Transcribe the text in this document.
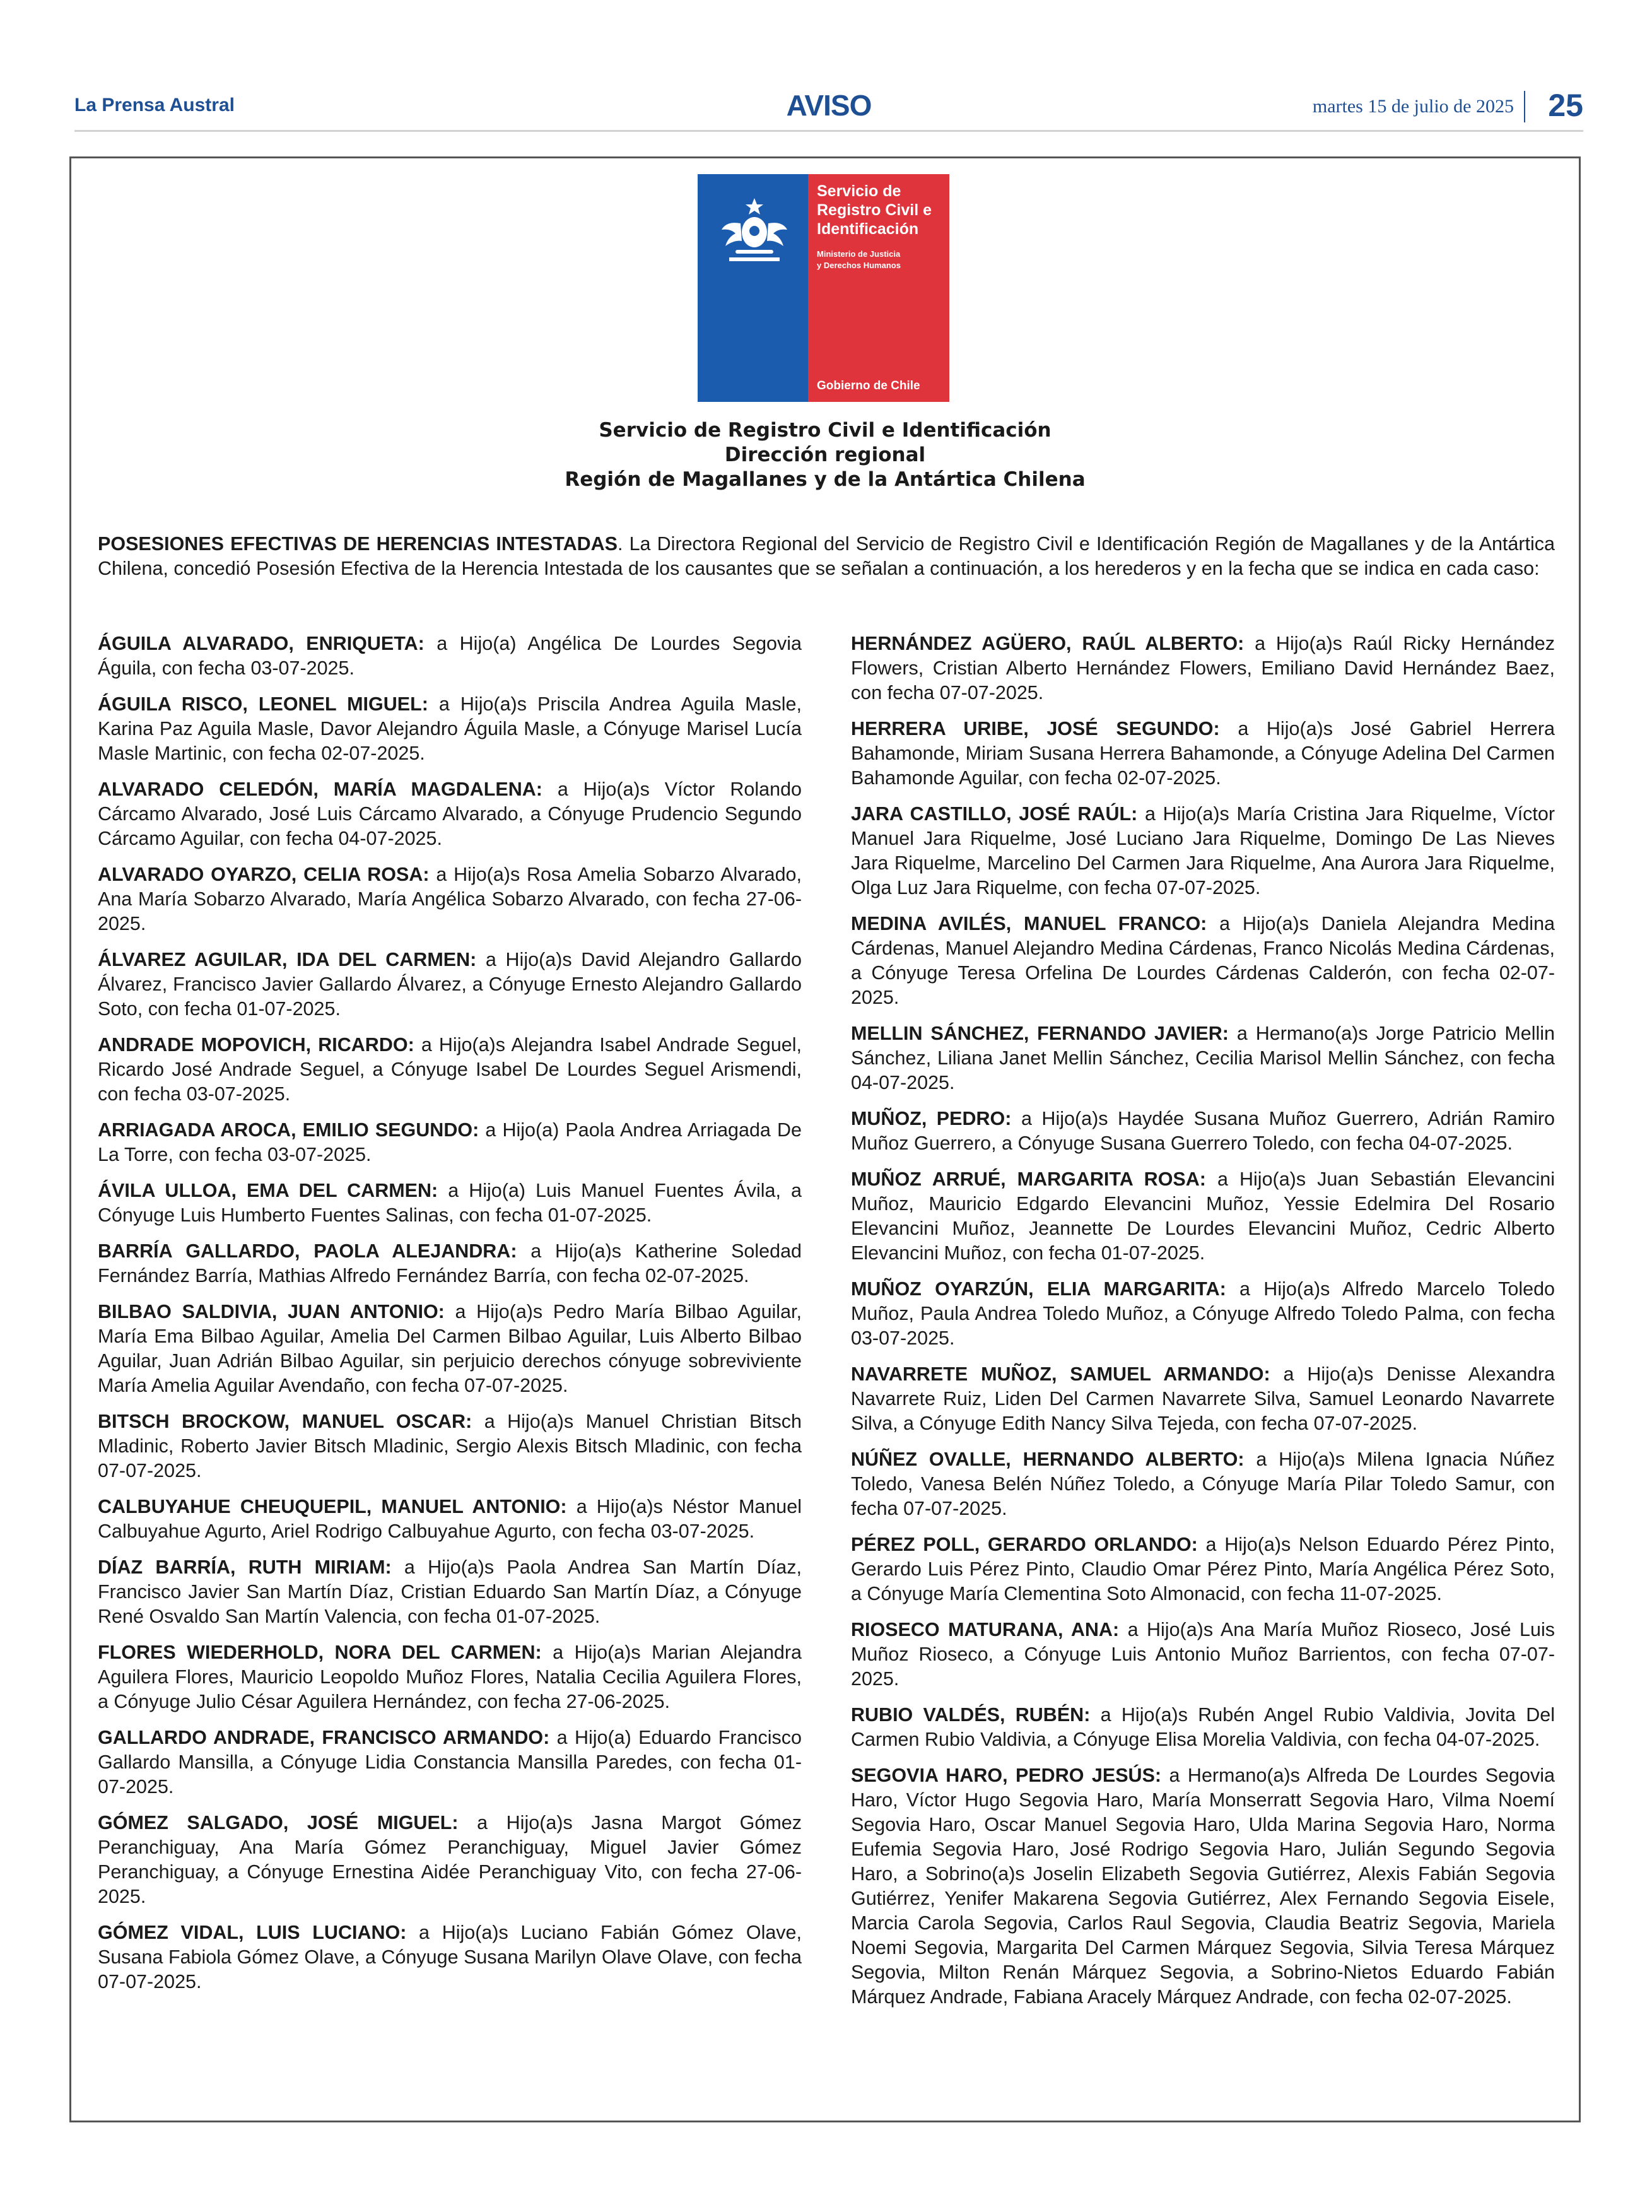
La Prensa Austral	AVISO	martes 15 de julio de 2025 25
Servicio de
Registro Civil e
Identificación
Ministerio de Justicia
y Derechos Humanos
Gobierno de Chile
Servicio de Registro Civil e Identificación
Dirección regional
Región de Magallanes y de la Antártica Chilena
POSESIONES EFECTIVAS DE HERENCIAS INTESTADAS. La Directora Regional del Servicio de Registro Civil e Identificación Región de Magallanes y de la Antártica Chilena, concedió Posesión Efectiva de la Herencia Intestada de los causantes que se señalan a continuación, a los herederos y en la fecha que se indica en cada caso:

ÁGUILA ALVARADO, ENRIQUETA: a Hijo(a) Angélica De Lourdes Segovia Águila, con fecha 03-07-2025.

ÁGUILA RISCO, LEONEL MIGUEL: a Hijo(a)s Priscila Andrea Aguila Masle, Karina Paz Aguila Masle, Davor Alejandro Águila Masle, a Cónyuge Marisel Lucía Masle Martinic, con fecha 02-07-2025.

ALVARADO CELEDÓN, MARÍA MAGDALENA: a Hijo(a)s Víctor Rolando Cárcamo Alvarado, José Luis Cárcamo Alvarado, a Cónyuge Prudencio Segundo Cárcamo Aguilar, con fecha 04-07-2025.

ALVARADO OYARZO, CELIA ROSA: a Hijo(a)s Rosa Amelia Sobarzo Alvarado, Ana María Sobarzo Alvarado, María Angélica Sobarzo Alvarado, con fecha 27-06-2025.

ÁLVAREZ AGUILAR, IDA DEL CARMEN: a Hijo(a)s David Alejandro Gallardo Álvarez, Francisco Javier Gallardo Álvarez, a Cónyuge Ernesto Alejandro Gallardo Soto, con fecha 01-07-2025.

ANDRADE MOPOVICH, RICARDO: a Hijo(a)s Alejandra Isabel Andrade Seguel, Ricardo José Andrade Seguel, a Cónyuge Isabel De Lourdes Seguel Arismendi, con fecha 03-07-2025.

ARRIAGADA AROCA, EMILIO SEGUNDO: a Hijo(a) Paola Andrea Arriagada De La Torre, con fecha 03-07-2025.

ÁVILA ULLOA, EMA DEL CARMEN: a Hijo(a) Luis Manuel Fuentes Ávila, a Cónyuge Luis Humberto Fuentes Salinas, con fecha 01-07-2025.

BARRÍA GALLARDO, PAOLA ALEJANDRA: a Hijo(a)s Katherine Soledad Fernández Barría, Mathias Alfredo Fernández Barría, con fecha 02-07-2025.

BILBAO SALDIVIA, JUAN ANTONIO: a Hijo(a)s Pedro María Bilbao Aguilar, María Ema Bilbao Aguilar, Amelia Del Carmen Bilbao Aguilar, Luis Alberto Bilbao Aguilar, Juan Adrián Bilbao Aguilar, sin perjuicio derechos cónyuge sobreviviente María Amelia Aguilar Avendaño, con fecha 07-07-2025.

BITSCH BROCKOW, MANUEL OSCAR: a Hijo(a)s Manuel Christian Bitsch Mladinic, Roberto Javier Bitsch Mladinic, Sergio Alexis Bitsch Mladinic, con fecha 07-07-2025.

CALBUYAHUE CHEUQUEPIL, MANUEL ANTONIO: a Hijo(a)s Néstor Manuel Calbuyahue Agurto, Ariel Rodrigo Calbuyahue Agurto, con fecha 03-07-2025.

DÍAZ BARRÍA, RUTH MIRIAM: a Hijo(a)s Paola Andrea San Martín Díaz, Francisco Javier San Martín Díaz, Cristian Eduardo San Martín Díaz, a Cónyuge René Osvaldo San Martín Valencia, con fecha 01-07-2025.

FLORES WIEDERHOLD, NORA DEL CARMEN: a Hijo(a)s Marian Alejandra Aguilera Flores, Mauricio Leopoldo Muñoz Flores, Natalia Cecilia Aguilera Flores, a Cónyuge Julio César Aguilera Hernández, con fecha 27-06-2025.

GALLARDO ANDRADE, FRANCISCO ARMANDO: a Hijo(a) Eduardo Francisco Gallardo Mansilla, a Cónyuge Lidia Constancia Mansilla Paredes, con fecha 01-07-2025.

GÓMEZ SALGADO, JOSÉ MIGUEL: a Hijo(a)s Jasna Margot Gómez Peranchiguay, Ana María Gómez Peranchiguay, Miguel Javier Gómez Peranchiguay, a Cónyuge Ernestina Aidée Peranchiguay Vito, con fecha 27-06-2025.

GÓMEZ VIDAL, LUIS LUCIANO: a Hijo(a)s Luciano Fabián Gómez Olave, Susana Fabiola Gómez Olave, a Cónyuge Susana Marilyn Olave Olave, con fecha 07-07-2025.

HERNÁNDEZ AGÜERO, RAÚL ALBERTO: a Hijo(a)s Raúl Ricky Hernández Flowers, Cristian Alberto Hernández Flowers, Emiliano David Hernández Baez, con fecha 07-07-2025.

HERRERA URIBE, JOSÉ SEGUNDO: a Hijo(a)s José Gabriel Herrera Bahamonde, Miriam Susana Herrera Bahamonde, a Cónyuge Adelina Del Carmen Bahamonde Aguilar, con fecha 02-07-2025.

JARA CASTILLO, JOSÉ RAÚL: a Hijo(a)s María Cristina Jara Riquelme, Víctor Manuel Jara Riquelme, José Luciano Jara Riquelme, Domingo De Las Nieves Jara Riquelme, Marcelino Del Carmen Jara Riquelme, Ana Aurora Jara Riquelme, Olga Luz Jara Riquelme, con fecha 07-07-2025.

MEDINA AVILÉS, MANUEL FRANCO: a Hijo(a)s Daniela Alejandra Medina Cárdenas, Manuel Alejandro Medina Cárdenas, Franco Nicolás Medina Cárdenas, a Cónyuge Teresa Orfelina De Lourdes Cárdenas Calderón, con fecha 02-07-2025.

MELLIN SÁNCHEZ, FERNANDO JAVIER: a Hermano(a)s Jorge Patricio Mellin Sánchez, Liliana Janet Mellin Sánchez, Cecilia Marisol Mellin Sánchez, con fecha 04-07-2025.

MUÑOZ, PEDRO: a Hijo(a)s Haydée Susana Muñoz Guerrero, Adrián Ramiro Muñoz Guerrero, a Cónyuge Susana Guerrero Toledo, con fecha 04-07-2025.

MUÑOZ ARRUÉ, MARGARITA ROSA: a Hijo(a)s Juan Sebastián Elevancini Muñoz, Mauricio Edgardo Elevancini Muñoz, Yessie Edelmira Del Rosario Elevancini Muñoz, Jeannette De Lourdes Elevancini Muñoz, Cedric Alberto Elevancini Muñoz, con fecha 01-07-2025.

MUÑOZ OYARZÚN, ELIA MARGARITA: a Hijo(a)s Alfredo Marcelo Toledo Muñoz, Paula Andrea Toledo Muñoz, a Cónyuge Alfredo Toledo Palma, con fecha 03-07-2025.

NAVARRETE MUÑOZ, SAMUEL ARMANDO: a Hijo(a)s Denisse Alexandra Navarrete Ruiz, Liden Del Carmen Navarrete Silva, Samuel Leonardo Navarrete Silva, a Cónyuge Edith Nancy Silva Tejeda, con fecha 07-07-2025.

NÚÑEZ OVALLE, HERNANDO ALBERTO: a Hijo(a)s Milena Ignacia Núñez Toledo, Vanesa Belén Núñez Toledo, a Cónyuge María Pilar Toledo Samur, con fecha 07-07-2025.

PÉREZ POLL, GERARDO ORLANDO: a Hijo(a)s Nelson Eduardo Pérez Pinto, Gerardo Luis Pérez Pinto, Claudio Omar Pérez Pinto, María Angélica Pérez Soto, a Cónyuge María Clementina Soto Almonacid, con fecha 11-07-2025.

RIOSECO MATURANA, ANA: a Hijo(a)s Ana María Muñoz Rioseco, José Luis Muñoz Rioseco, a Cónyuge Luis Antonio Muñoz Barrientos, con fecha 07-07-2025.

RUBIO VALDÉS, RUBÉN: a Hijo(a)s Rubén Angel Rubio Valdivia, Jovita Del Carmen Rubio Valdivia, a Cónyuge Elisa Morelia Valdivia, con fecha 04-07-2025.

SEGOVIA HARO, PEDRO JESÚS: a Hermano(a)s Alfreda De Lourdes Segovia Haro, Víctor Hugo Segovia Haro, María Monserratt Segovia Haro, Vilma Noemí Segovia Haro, Oscar Manuel Segovia Haro, Ulda Marina Segovia Haro, Norma Eufemia Segovia Haro, José Rodrigo Segovia Haro, Julián Segundo Segovia Haro, a Sobrino(a)s Joselin Elizabeth Segovia Gutiérrez, Alexis Fabián Segovia Gutiérrez, Yenifer Makarena Segovia Gutiérrez, Alex Fernando Segovia Eisele, Marcia Carola Segovia, Carlos Raul Segovia, Claudia Beatriz Segovia, Mariela Noemi Segovia, Margarita Del Carmen Márquez Segovia, Silvia Teresa Márquez Segovia, Milton Renán Márquez Segovia, a Sobrino-Nietos Eduardo Fabián Márquez Andrade, Fabiana Aracely Márquez Andrade, con fecha 02-07-2025.
